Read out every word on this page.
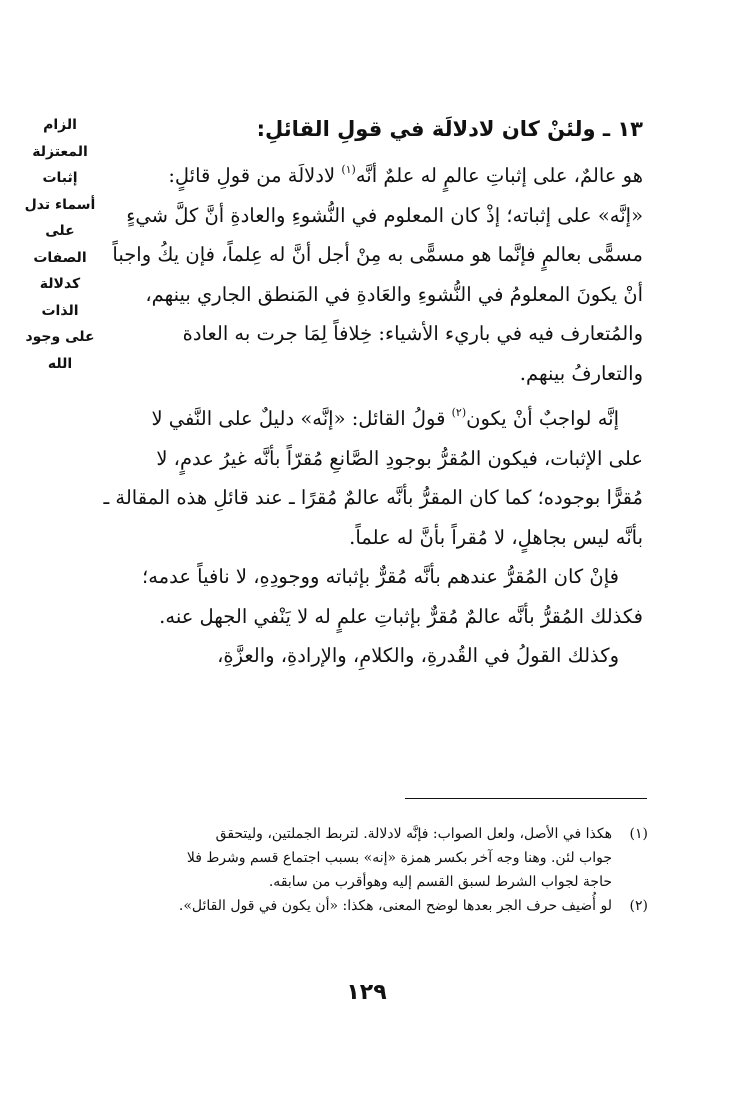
الزام
المعتزلة
إثبات
أسماء تدل
على
الصفات
كدلالة
الذات
على وجود
الله
١٣ ـ ولئنْ كان لادلالَة في قولِ القائلِ:

هو عالمٌ، على إثباتِ عالمٍ له علمٌ أنَّه$^{(١)}$ لادلالَة من قولِ قائلٍ:
«إنَّه» على إثباته؛ إذْ كان المعلوم في النُّشوءِ والعادةِ أنَّ كلَّ شيءٍ
مسمًّى بعالمٍ فإنَّما هو مسمًّى به مِنْ أجل أنَّ له عِلماً، فإن يكُ واجباً
أنْ يكونَ المعلومُ في النُّشوءِ والعَادةِ في المَنطق الجاري بينهم،
والمُتعارف فيه في باريء الأشياء: خِلافاً لِمَا جرت به العادة
والتعارفُ بينهم.

إنَّه لواجبٌ أنْ يكون$^{(٢)}$ قولُ القائل: «إنَّه» دليلٌ على النَّفي لا
على الإثبات، فيكون المُقرُّ بوجودِ الصَّانعِ مُقرّاً بأنَّه غيرُ عدمٍ، لا
مُقرًّا بوجوده؛ كما كان المقرُّ بأنَّه عالمٌ مُقرًا ـ عند قائلِ هذه المقالة ـ
بأنَّه ليس بجاهلٍ، لا مُقراً بأنَّ له علماً.

فإنْ كان المُقرُّ عندهم بأنَّه مُقرٌّ بإثباته ووجودِهِ، لا نافياً عدمه؛
فكذلك المُقرُّ بأنَّه عالمٌ مُقرٌّ بإثباتِ علمٍ له لا يَنْفي الجهل عنه.

وكذلك القولُ في القُدرةِ، والكلامِ، والإرادةِ، والعزَّةِ،

(١)
هكذا في الأصل، ولعل الصواب: فإنَّه لادلالة. لتربط الجملتين، وليتحقق
جواب لئن. وهنا وجه آخر بكسر همزة «إنه» بسبب اجتماع قسم وشرط فلا
حاجة لجواب الشرط لسبق القسم إليه وهوأقرب من سابقه.

(٢)
لو أُضيف حرف الجر بعدها لوضح المعنى، هكذا: «أن يكون في قول القائل».

١٢٩
